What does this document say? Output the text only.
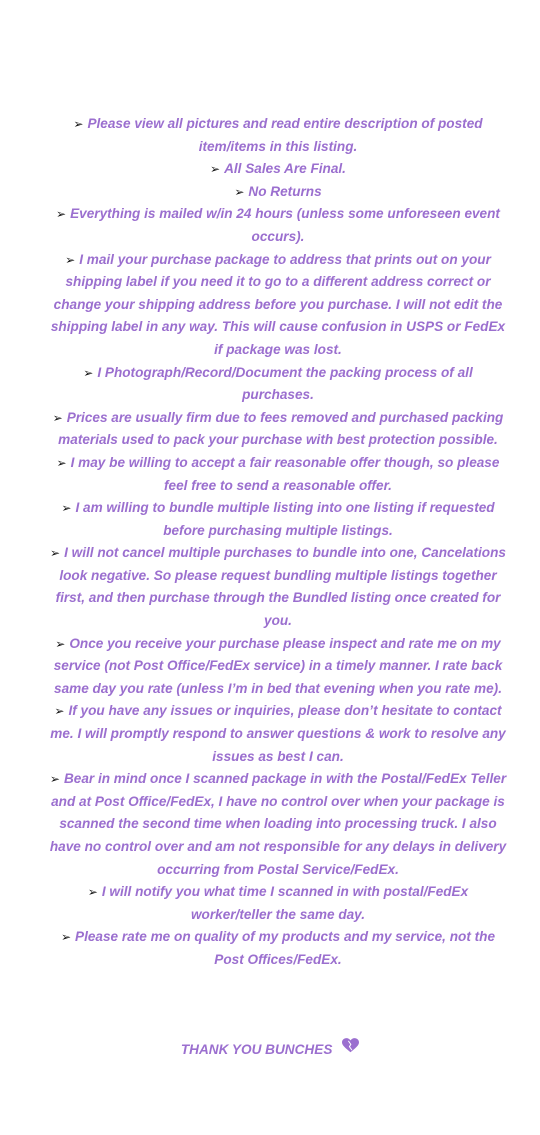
➢ Please view all pictures and read entire description of posted item/items in this listing.

➢ All Sales Are Final.

➢ No Returns

➢ Everything is mailed w/in 24 hours (unless some unforeseen event occurs).

➢ I mail your purchase package to address that prints out on your shipping label if you need it to go to a different address correct or change your shipping address before you purchase. I will not edit the shipping label in any way. This will cause confusion in USPS or FedEx if package was lost.

➢ I Photograph/Record/Document the packing process of all purchases.

➢ Prices are usually firm due to fees removed and purchased packing materials used to pack your purchase with best protection possible.

➢ I may be willing to accept a fair reasonable offer though, so please feel free to send a reasonable offer.

➢ I am willing to bundle multiple listing into one listing if requested before purchasing multiple listings.

➢ I will not cancel multiple purchases to bundle into one, Cancelations look negative. So please request bundling multiple listings together first, and then purchase through the Bundled listing once created for you.

➢ Once you receive your purchase please inspect and rate me on my service (not Post Office/FedEx service) in a timely manner. I rate back same day you rate (unless I’m in bed that evening when you rate me).

➢ If you have any issues or inquiries, please don’t hesitate to contact me. I will promptly respond to answer questions & work to resolve any issues as best I can.

➢ Bear in mind once I scanned package in with the Postal/FedEx Teller and at Post Office/FedEx, I have no control over when your package is scanned the second time when loading into processing truck. I also have no control over and am not responsible for any delays in delivery occurring from Postal Service/FedEx.

➢ I will notify you what time I scanned in with postal/FedEx worker/teller the same day.

➢ Please rate me on quality of my products and my service, not the Post Offices/FedEx.

THANK YOU BUNCHES
